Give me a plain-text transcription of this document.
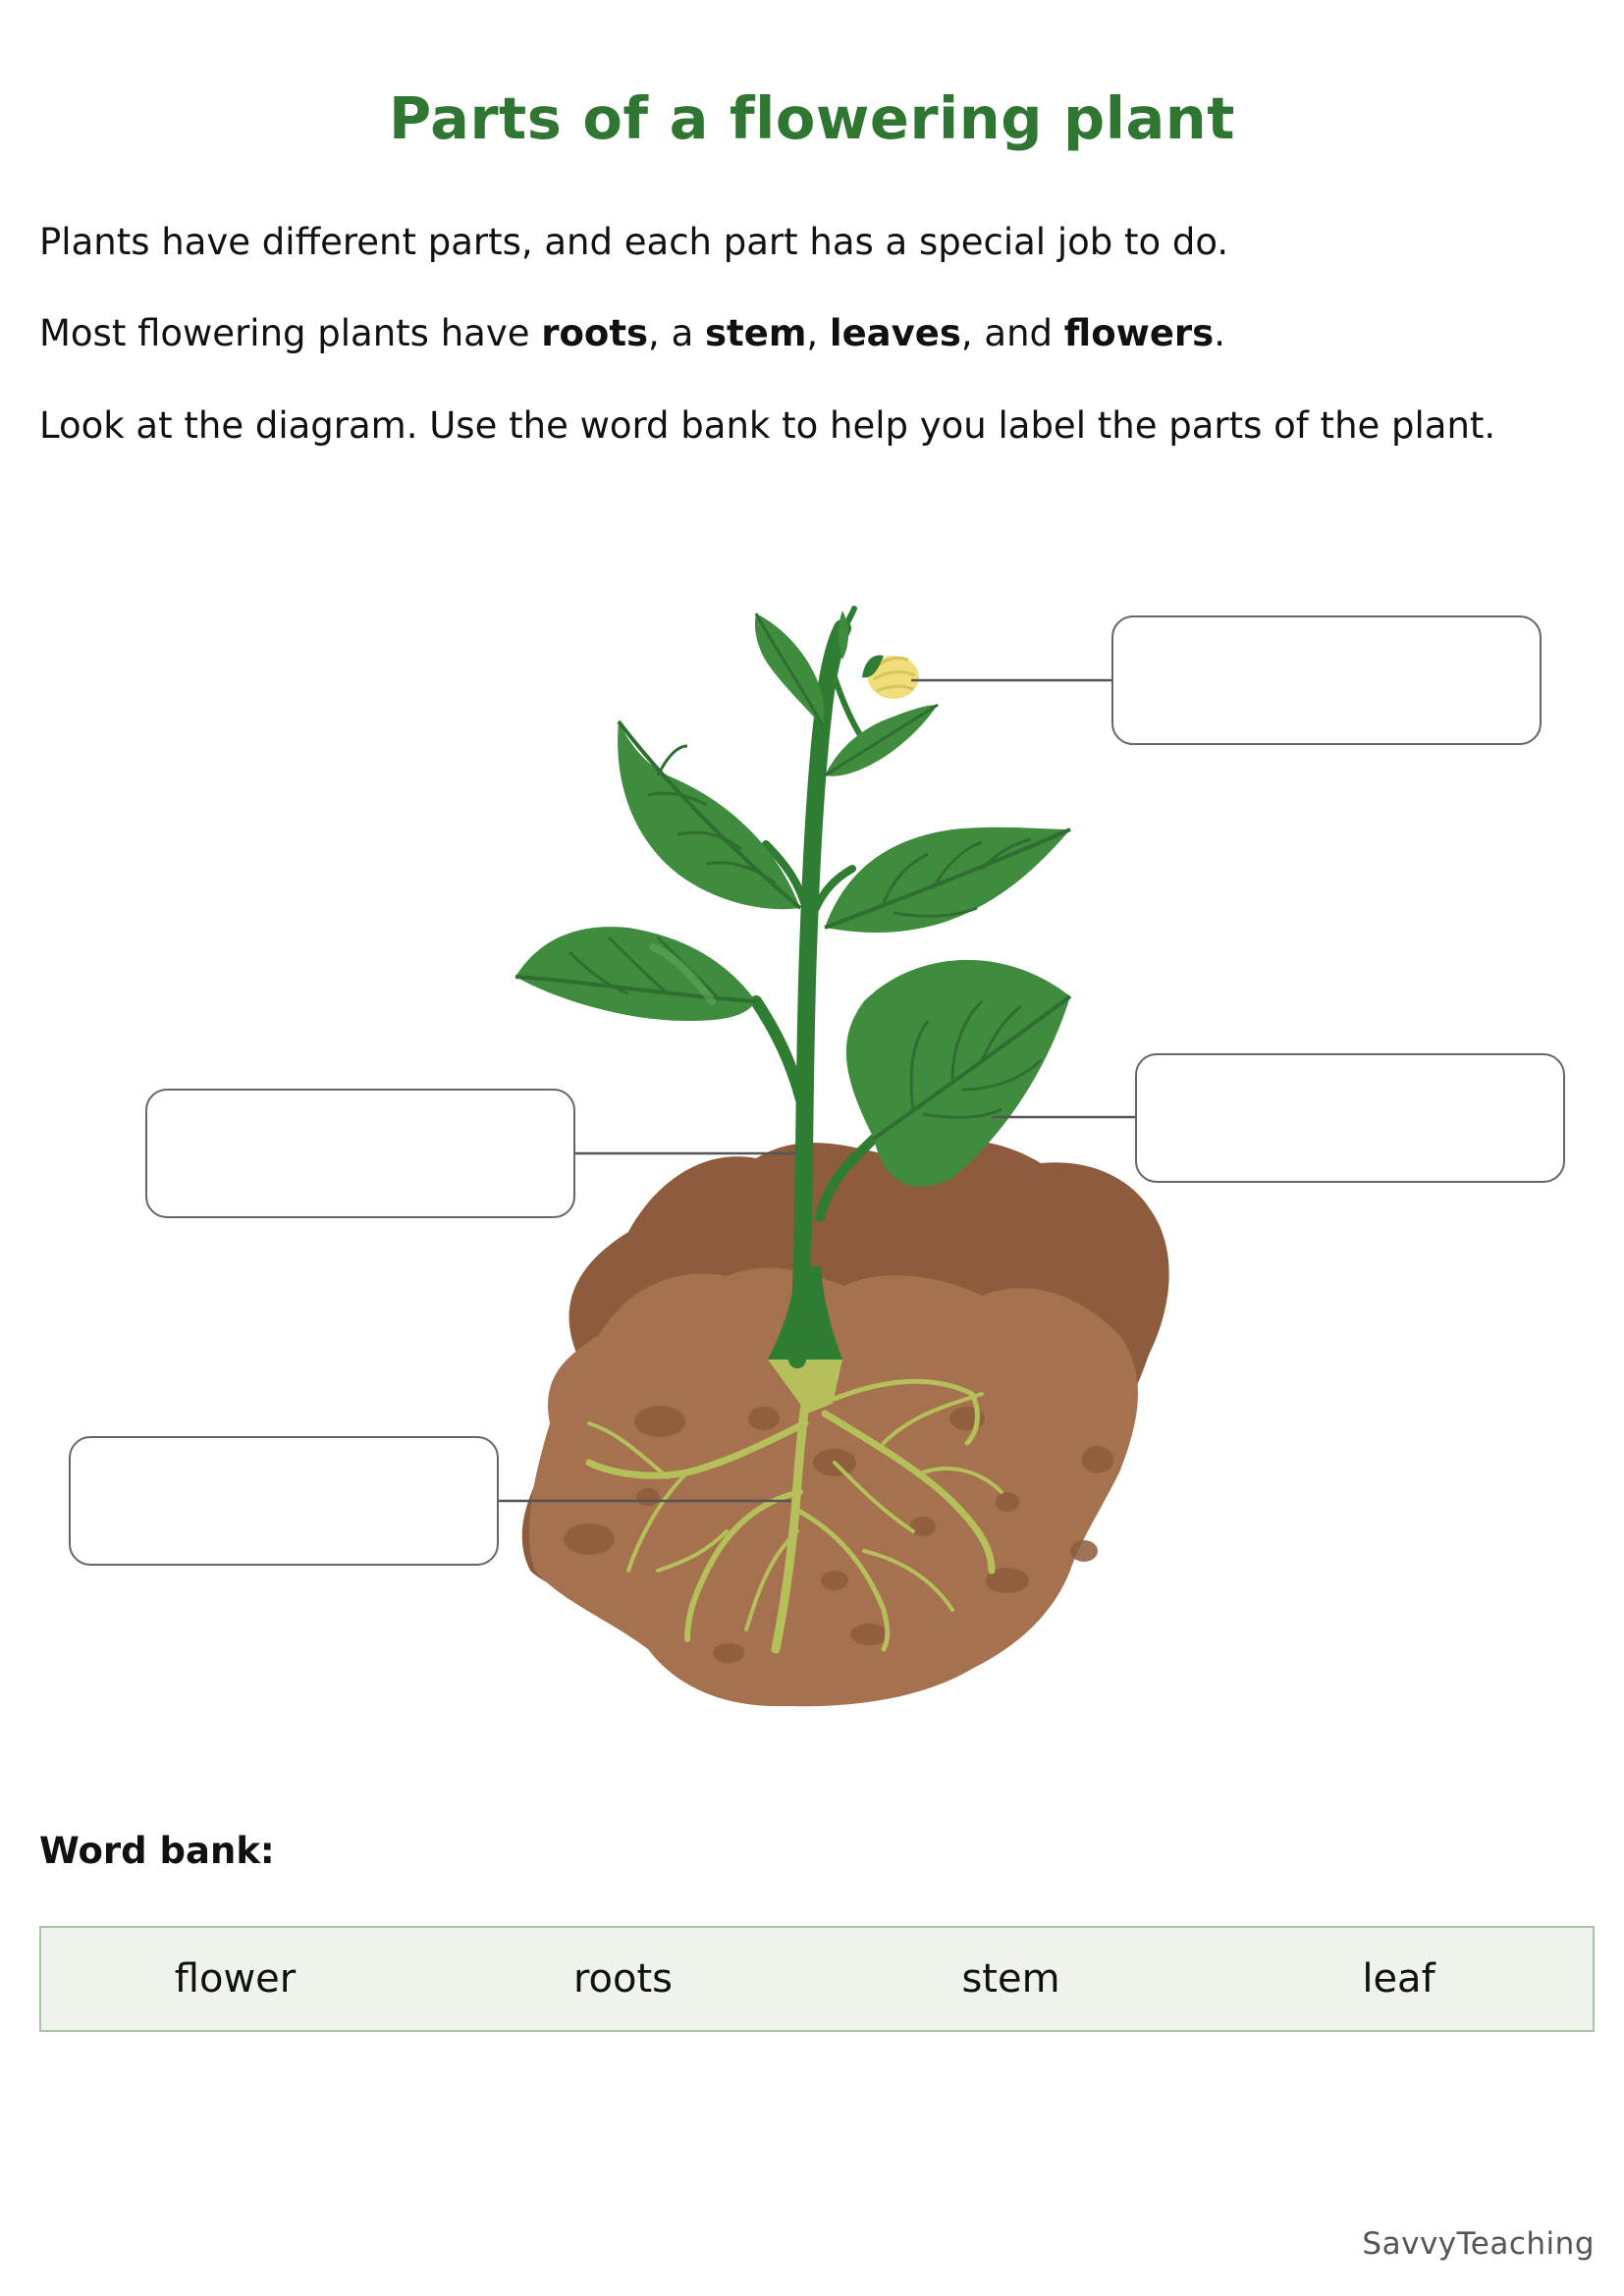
Parts of a flowering plant

Plants have different parts, and each part has a special job to do.

Most flowering plants have roots, a stem, leaves, and flowers.

Look at the diagram. Use the word bank to help you label the parts of the plant.

Word bank:
flower	roots	stem	leaf

SavvyTeaching
